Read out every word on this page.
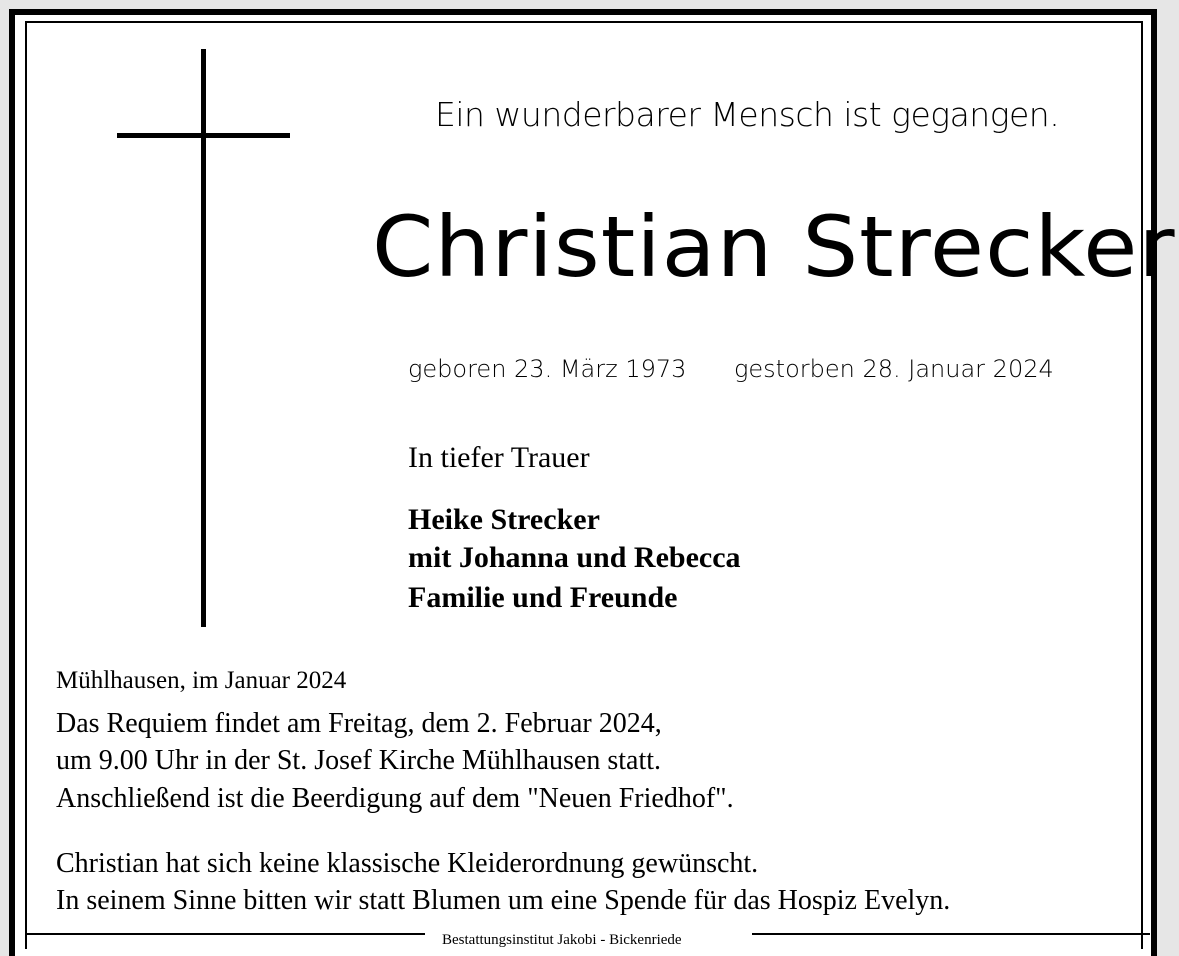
Ein wunderbarer Mensch ist gegangen.
Christian Strecker
geboren 23. März 1973 gestorben 28. Januar 2024
In tiefer Trauer
Heike Strecker
mit Johanna und Rebecca
Familie und Freunde
Mühlhausen, im Januar 2024
Das Requiem findet am Freitag, dem 2. Februar 2024,
um 9.00 Uhr in der St. Josef Kirche Mühlhausen statt.
Anschließend ist die Beerdigung auf dem "Neuen Friedhof".
Christian hat sich keine klassische Kleiderordnung gewünscht.
In seinem Sinne bitten wir statt Blumen um eine Spende für das Hospiz Evelyn.
Bestattungsinstitut Jakobi - Bickenriede
